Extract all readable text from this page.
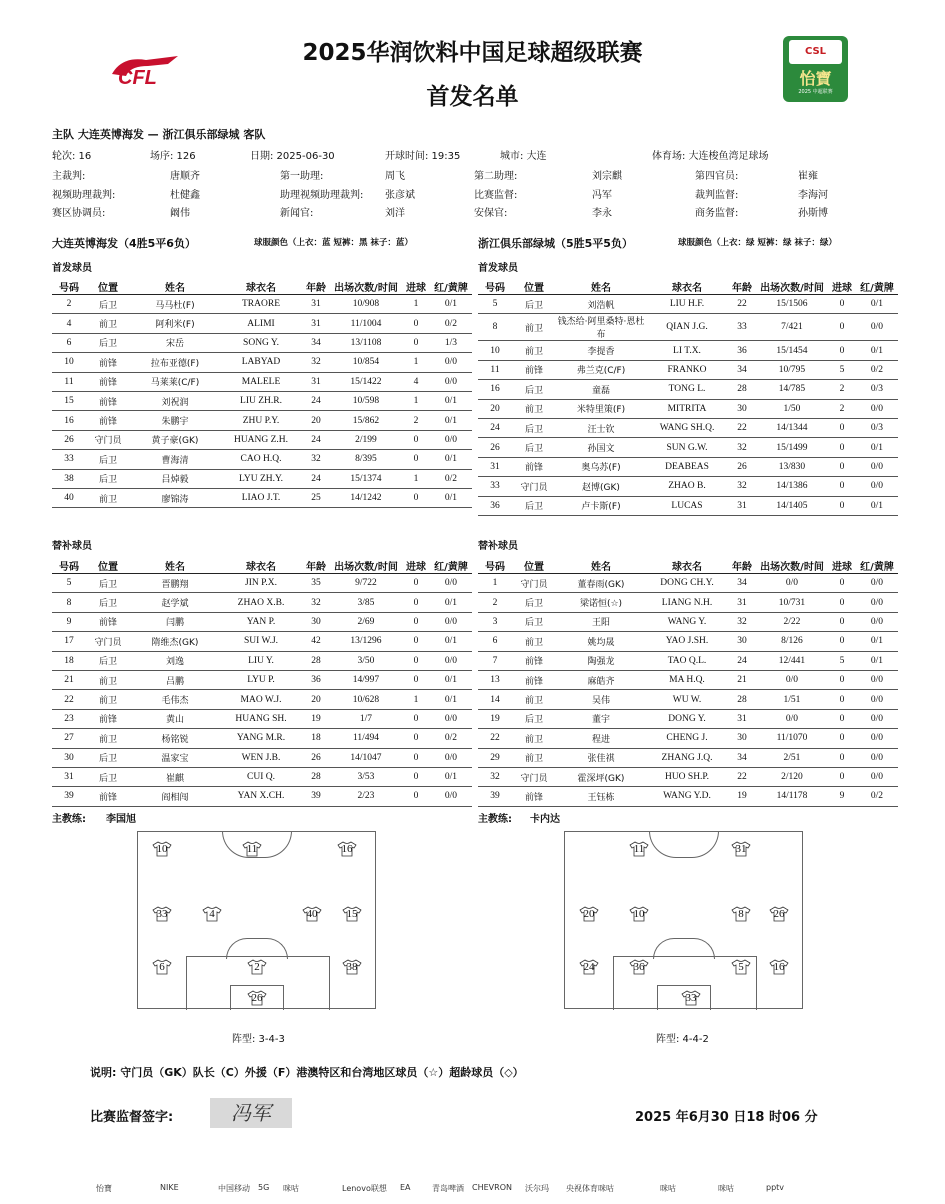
CFL
2025华润饮料中国足球超级联赛
首发名单
CSL
怡寶
2025 中超联赛
主队 大连英博海发 — 浙江俱乐部绿城 客队
轮次: 16	场序: 126	日期: 2025-06-30	开球时间: 19:35	城市: 大连	体育场: 大连梭鱼湾足球场
主裁判:	唐顺齐	第一助理:	周飞	第二助理:	刘宗麒	第四官员:	崔雍
视频助理裁判:	杜健鑫	助理视频助理裁判: 张彦斌	比赛监督:	冯军	裁判监督:	李海河
赛区协调员:	阚伟	新闻官:	刘洋	安保官:	李永	商务监督:	孙斯博
大连英博海发（4胜5平6负）	球服颜色（上衣：蓝 短裤：黑 袜子：蓝）	浙江俱乐部绿城（5胜5平5负）	球服颜色（上衣：绿 短裤：绿 袜子：绿）
首发球员	首发球员
替补球员	替补球员
号码	位置	姓名	球衣名	年龄	出场次数/时间	进球	红/黄牌
2	后卫	马马杜(F)	TRAORE	31	10/908	1	0/1
4	前卫	阿利米(F)	ALIMI	31	11/1004	0	0/2
6	后卫	宋岳	SONG Y.	34	13/1108	0	1/3
10	前锋	拉布亚德(F)	LABYAD	32	10/854	1	0/0
11	前锋	马莱莱(C/F)	MALELE	31	15/1422	4	0/0
15	前锋	刘祝润	LIU ZH.R.	24	10/598	1	0/1
16	前锋	朱鹏宇	ZHU P.Y.	20	15/862	2	0/1
26	守门员	黄子豪(GK)	HUANG Z.H.	24	2/199	0	0/0
33	后卫	曹海清	CAO H.Q.	32	8/395	0	0/1
38	后卫	吕焯毅	LYU ZH.Y.	24	15/1374	1	0/2
40	前卫	廖锦涛	LIAO J.T.	25	14/1242	0	0/1
号码	位置	姓名	球衣名	年龄	出场次数/时间	进球	红/黄牌
5	后卫	刘浩帆	LIU H.F.	22	15/1506	0	0/1
8	前卫	钱杰给·阿里桑特·恩杜布	QIAN J.G.	33	7/421	0	0/0
10	前卫	李提香	LI T.X.	36	15/1454	0	0/1
11	前锋	弗兰克(C/F)	FRANKO	34	10/795	5	0/2
16	后卫	童磊	TONG L.	28	14/785	2	0/3
20	前卫	米特里策(F)	MITRITA	30	1/50	2	0/0
24	后卫	汪士钦	WANG SH.Q.	22	14/1344	0	0/3
26	后卫	孙国文	SUN G.W.	32	15/1499	0	0/1
31	前锋	奥乌苏(F)	DEABEAS	26	13/830	0	0/0
33	守门员	赵博(GK)	ZHAO B.	32	14/1386	0	0/0
36	后卫	卢卡斯(F)	LUCAS	31	14/1405	0	0/1
号码	位置	姓名	球衣名	年龄	出场次数/时间	进球	红/黄牌
5	后卫	晋鹏翔	JIN P.X.	35	9/722	0	0/0
8	后卫	赵学斌	ZHAO X.B.	32	3/85	0	0/1
9	前锋	闫鹏	YAN P.	30	2/69	0	0/0
17	守门员	隋维杰(GK)	SUI W.J.	42	13/1296	0	0/1
18	后卫	刘逸	LIU Y.	28	3/50	0	0/0
21	前卫	吕鹏	LYU P.	36	14/997	0	0/1
22	前卫	毛伟杰	MAO W.J.	20	10/628	1	0/1
23	前锋	黄山	HUANG SH.	19	1/7	0	0/0
27	前卫	杨铭锐	YANG M.R.	18	11/494	0	0/2
30	后卫	温家宝	WEN J.B.	26	14/1047	0	0/0
31	后卫	崔麒	CUI Q.	28	3/53	0	0/1
39	前锋	阎相闯	YAN X.CH.	39	2/23	0	0/0
号码	位置	姓名	球衣名	年龄	出场次数/时间	进球	红/黄牌
1	守门员	董春雨(GK)	DONG CH.Y.	34	0/0	0	0/0
2	后卫	梁诺恒(☆)	LIANG N.H.	31	10/731	0	0/0
3	后卫	王阳	WANG Y.	32	2/22	0	0/0
6	前卫	姚均晟	YAO J.SH.	30	8/126	0	0/1
7	前锋	陶强龙	TAO Q.L.	24	12/441	5	0/1
13	前锋	麻皓齐	MA H.Q.	21	0/0	0	0/0
14	前卫	吴伟	WU W.	28	1/51	0	0/0
19	后卫	董宇	DONG Y.	31	0/0	0	0/0
22	前卫	程进	CHENG J.	30	11/1070	0	0/0
29	前卫	张佳祺	ZHANG J.Q.	34	2/51	0	0/0
32	守门员	霍深坪(GK)	HUO SH.P.	22	2/120	0	0/0
39	前锋	王钰栋	WANG Y.D.	19	14/1178	9	0/2
主教练: 李国旭	主教练: 卡内达
10	11	16
33	4	40	15
6	2	38
26
11	31
20	10	8	26
24	36	5	16
33
阵型: 3-4-3	阵型: 4-4-2
说明: 守门员（GK）队长（C）外援（F）港澳特区和台湾地区球员（☆）超龄球员（◇）
比赛监督签字:	冯军	2025 年6月30 日18 时06 分
怡寶	NIKE	中国移动 5G 咪咕	Lenovo联想 EA	青岛啤酒 CHEVRON 沃尔玛 央视体育 咪咕	咪咕	咪咕	pptv
